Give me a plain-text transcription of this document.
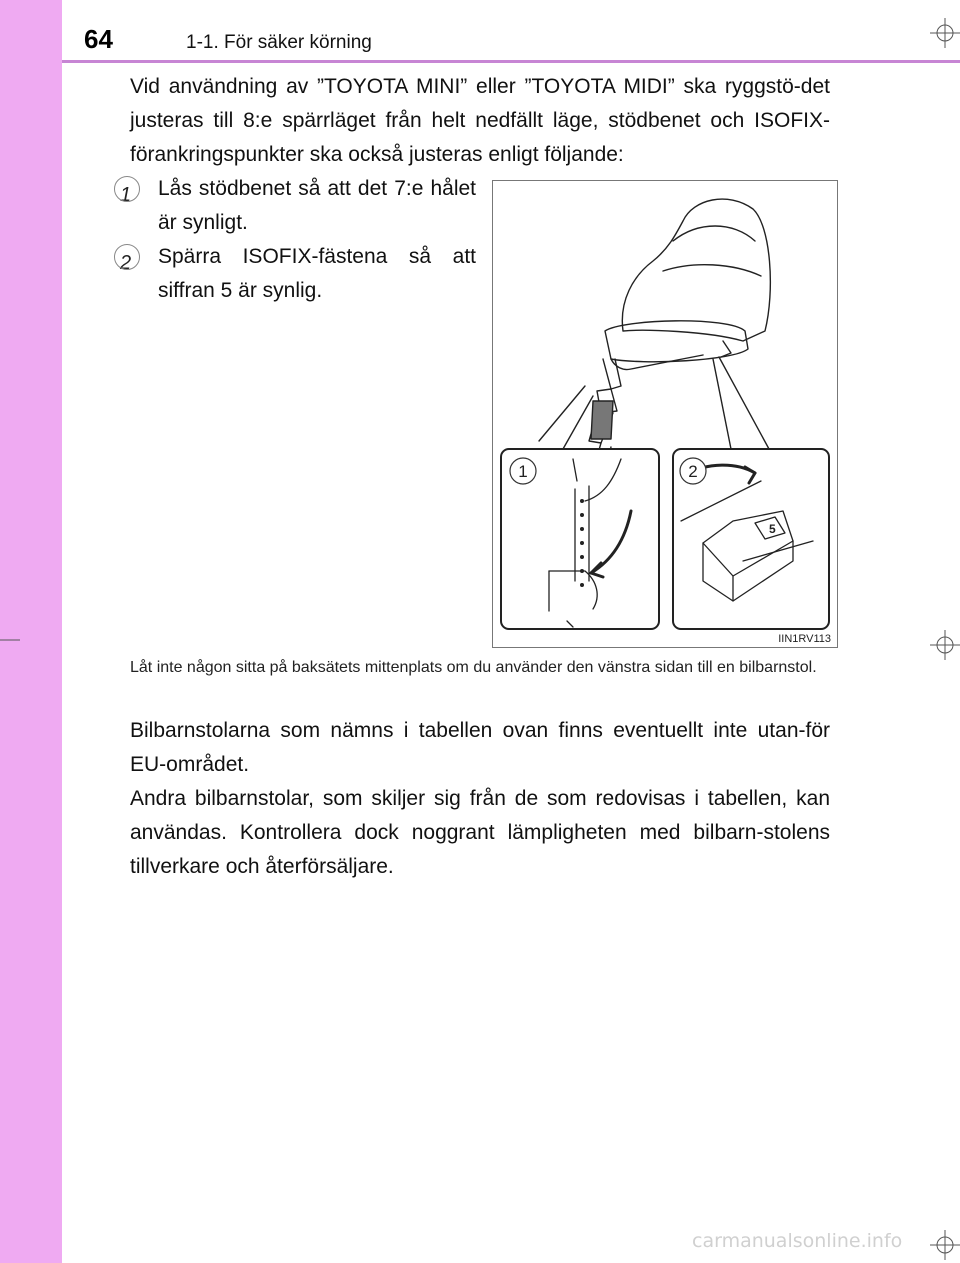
64	1-1. För säker körning
Vid användning av ”TOYOTA MINI” eller ”TOYOTA MIDI” ska ryggstö-det justeras till 8:e spärrläget från helt nedfällt läge, stödbenet och ISOFIX-förankringspunkter ska också justeras enligt följande:
1 Lås stödbenet så att det 7:e hålet är synligt.
2 Spärra ISOFIX-fästena så att siffran 5 är synlig.
5
1	2
IIN1RV113
Låt inte någon sitta på baksätets mittenplats om du använder den vänstra sidan till en bilbarnstol.
Bilbarnstolarna som nämns i tabellen ovan finns eventuellt inte utan-för EU-området.
Andra bilbarnstolar, som skiljer sig från de som redovisas i tabellen, kan användas. Kontrollera dock noggrant lämpligheten med bilbarn-stolens tillverkare och återförsäljare.
carmanualsonline.info
